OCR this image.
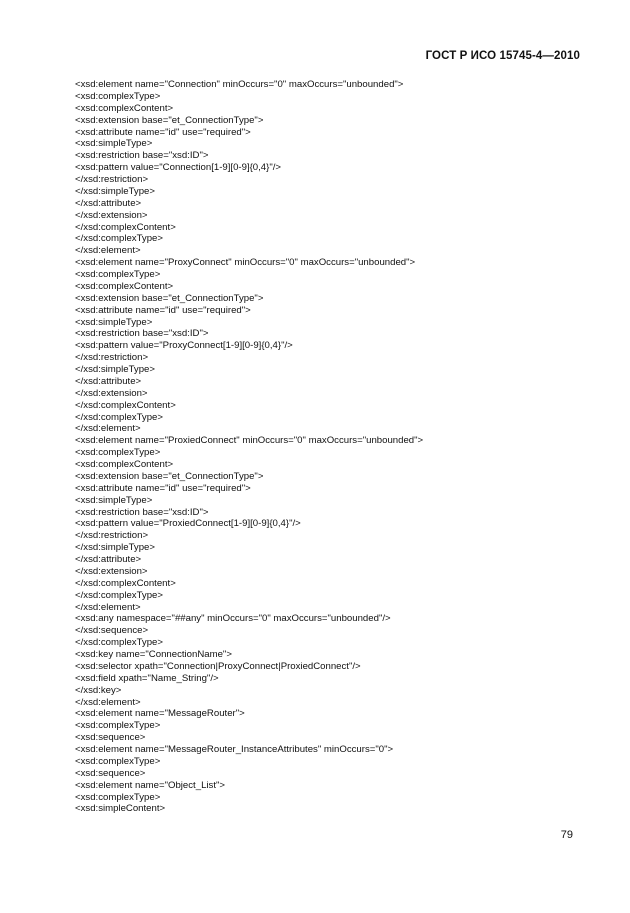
ГОСТ Р ИСО 15745-4—2010
<xsd:element name="Connection" minOccurs="0" maxOccurs="unbounded">
<xsd:complexType>
<xsd:complexContent>
<xsd:extension base="et_ConnectionType">
<xsd:attribute name="id" use="required">
<xsd:simpleType>
<xsd:restriction base="xsd:ID">
<xsd:pattern value="Connection[1-9][0-9]{0,4}"/>
</xsd:restriction>
</xsd:simpleType>
</xsd:attribute>
</xsd:extension>
</xsd:complexContent>
</xsd:complexType>
</xsd:element>
<xsd:element name="ProxyConnect" minOccurs="0" maxOccurs="unbounded">
<xsd:complexType>
<xsd:complexContent>
<xsd:extension base="et_ConnectionType">
<xsd:attribute name="id" use="required">
<xsd:simpleType>
<xsd:restriction base="xsd:ID">
<xsd:pattern value="ProxyConnect[1-9][0-9]{0,4}"/>
</xsd:restriction>
</xsd:simpleType>
</xsd:attribute>
</xsd:extension>
</xsd:complexContent>
</xsd:complexType>
</xsd:element>
<xsd:element name="ProxiedConnect" minOccurs="0" maxOccurs="unbounded">
<xsd:complexType>
<xsd:complexContent>
<xsd:extension base="et_ConnectionType">
<xsd:attribute name="id" use="required">
<xsd:simpleType>
<xsd:restriction base="xsd:ID">
<xsd:pattern value="ProxiedConnect[1-9][0-9]{0,4}"/>
</xsd:restriction>
</xsd:simpleType>
</xsd:attribute>
</xsd:extension>
</xsd:complexContent>
</xsd:complexType>
</xsd:element>
<xsd:any namespace="##any" minOccurs="0" maxOccurs="unbounded"/>
</xsd:sequence>
</xsd:complexType>
<xsd:key name="ConnectionName">
<xsd:selector xpath="Connection|ProxyConnect|ProxiedConnect"/>
<xsd:field xpath="Name_String"/>
</xsd:key>
</xsd:element>
<xsd:element name="MessageRouter">
<xsd:complexType>
<xsd:sequence>
<xsd:element name="MessageRouter_InstanceAttributes" minOccurs="0">
<xsd:complexType>
<xsd:sequence>
<xsd:element name="Object_List">
<xsd:complexType>
<xsd:simpleContent>
79
